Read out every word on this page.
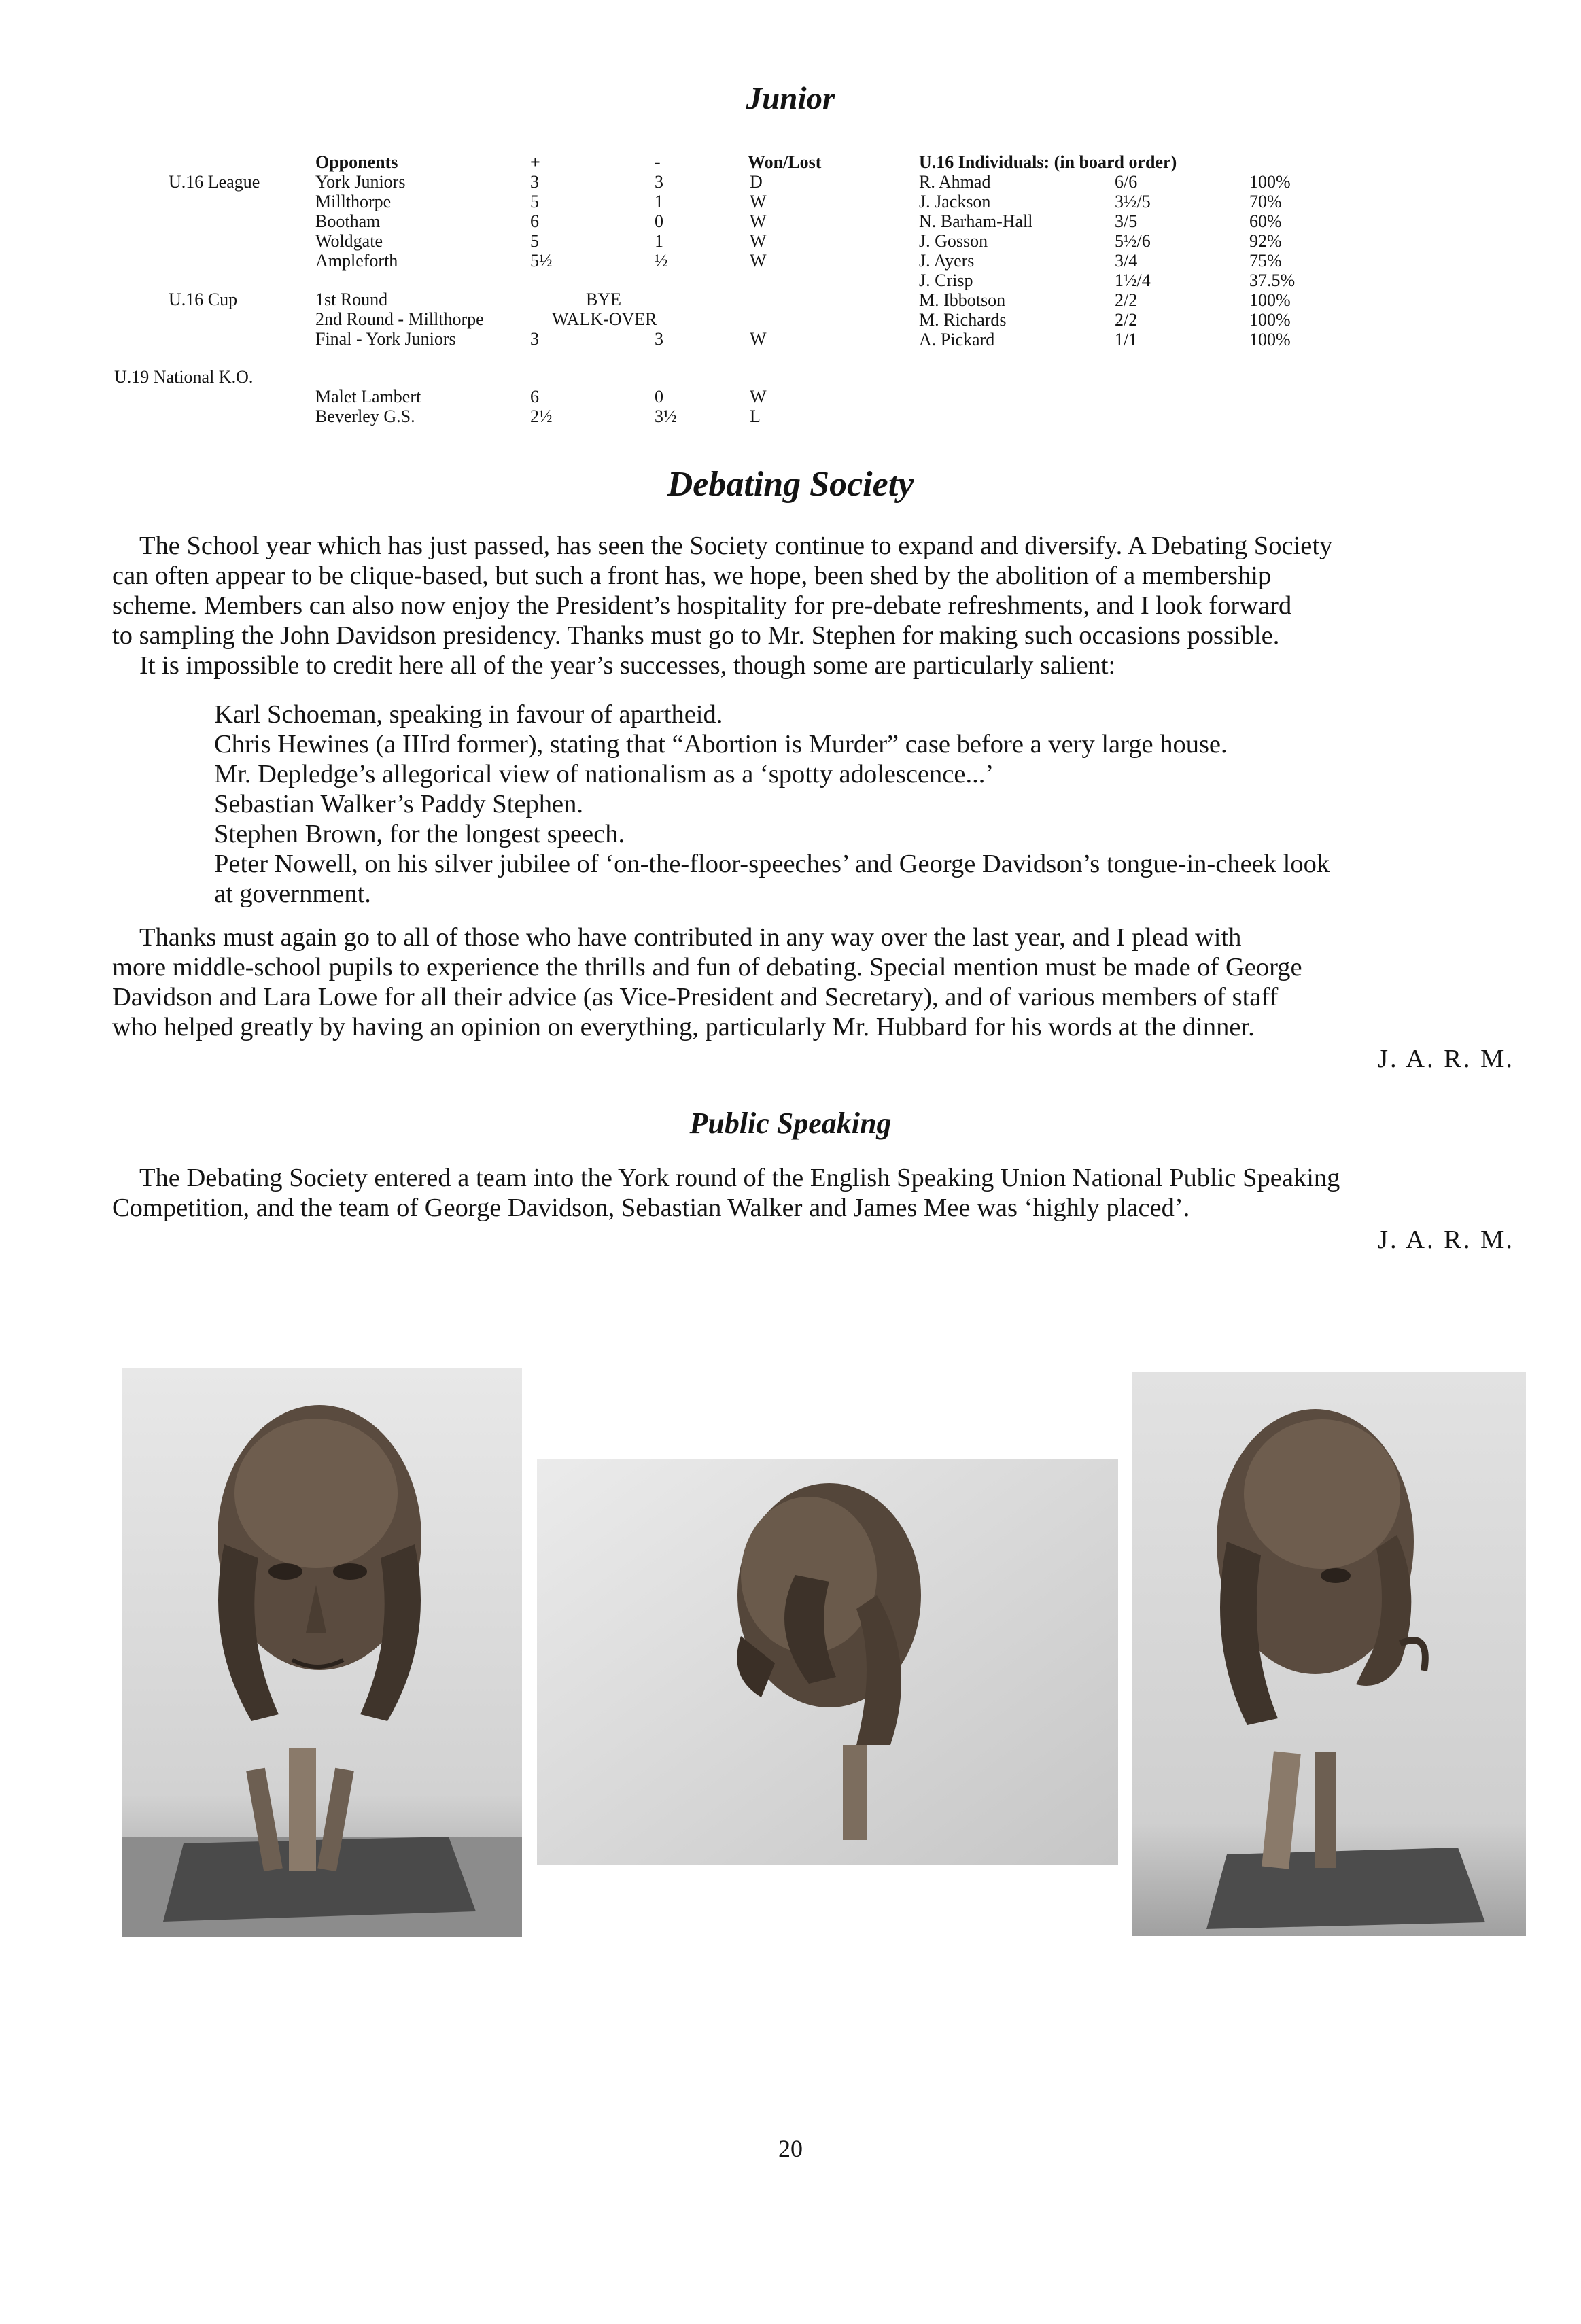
Junior
Opponents	+	-	Won/Lost
U.16 League	York Juniors	3	3	D
Millthorpe	5	1	W
Bootham	6	0	W
Woldgate	5	1	W
Ampleforth	5½	½	W
U.16 Cup	1st Round	BYE
2nd Round - Millthorpe	WALK-OVER
Final - York Juniors	3	3	W
U.19 National K.O.
Malet Lambert	6	0	W
Beverley G.S.	2½	3½	L
U.16 Individuals: (in board order)
R. Ahmad	6/6	100%
J. Jackson	3½/5	70%
N. Barham-Hall	3/5	60%
J. Gosson	5½/6	92%
J. Ayers	3/4	75%
J. Crisp	1½/4	37.5%
M. Ibbotson	2/2	100%
M. Richards	2/2	100%
A. Pickard	1/1	100%
Debating Society
The School year which has just passed, has seen the Society continue to expand and diversify. A Debating Society
can often appear to be clique-based, but such a front has, we hope, been shed by the abolition of a membership
scheme. Members can also now enjoy the President’s hospitality for pre-debate refreshments, and I look forward
to sampling the John Davidson presidency. Thanks must go to Mr. Stephen for making such occasions possible.
It is impossible to credit here all of the year’s successes, though some are particularly salient:
Karl Schoeman, speaking in favour of apartheid.
Chris Hewines (a IIIrd former), stating that “Abortion is Murder” case before a very large house.
Mr. Depledge’s allegorical view of nationalism as a ‘spotty adolescence...’
Sebastian Walker’s Paddy Stephen.
Stephen Brown, for the longest speech.
Peter Nowell, on his silver jubilee of ‘on-the-floor-speeches’ and George Davidson’s tongue-in-cheek look
at government.
Thanks must again go to all of those who have contributed in any way over the last year, and I plead with
more middle-school pupils to experience the thrills and fun of debating. Special mention must be made of George
Davidson and Lara Lowe for all their advice (as Vice-President and Secretary), and of various members of staff
who helped greatly by having an opinion on everything, particularly Mr. Hubbard for his words at the dinner.
J. A. R. M.
Public Speaking
The Debating Society entered a team into the York round of the English Speaking Union National Public Speaking
Competition, and the team of George Davidson, Sebastian Walker and James Mee was ‘highly placed’.
J. A. R. M.
20
